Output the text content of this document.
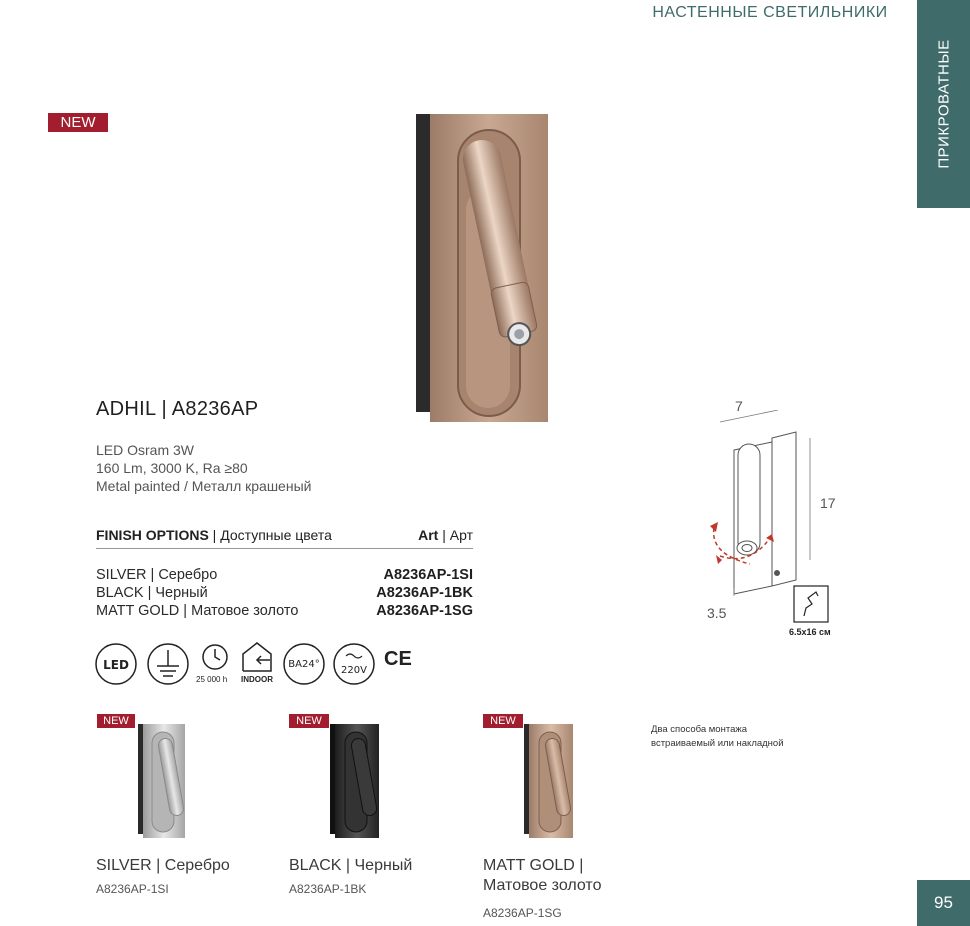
НАСТЕННЫЕ СВЕТИЛЬНИКИ
ПРИКРОВАТНЫЕ
95
NEW
ADHIL | A8236AP
LED Osram 3W
160 Lm, 3000 K, Ra ≥80
Metal painted / Металл крашеный
FINISH OPTIONS | Доступные цвета	Art | Арт
SILVER | Серебро	A8236AP-1SI
BLACK | Черный	A8236AP-1BK
MATT GOLD | Матовое золото	A8236AP-1SG
LED
25 000 h INDOOR
BA24°
220V
CE
7
17
3.5
6.5x16 см
Два способа монтажа
встраиваемый или накладной
NEW
SILVER | Серебро
A8236AP-1SI
NEW
BLACK | Черный
A8236AP-1BK
NEW
MATT GOLD |
Матовое золото
A8236AP-1SG
